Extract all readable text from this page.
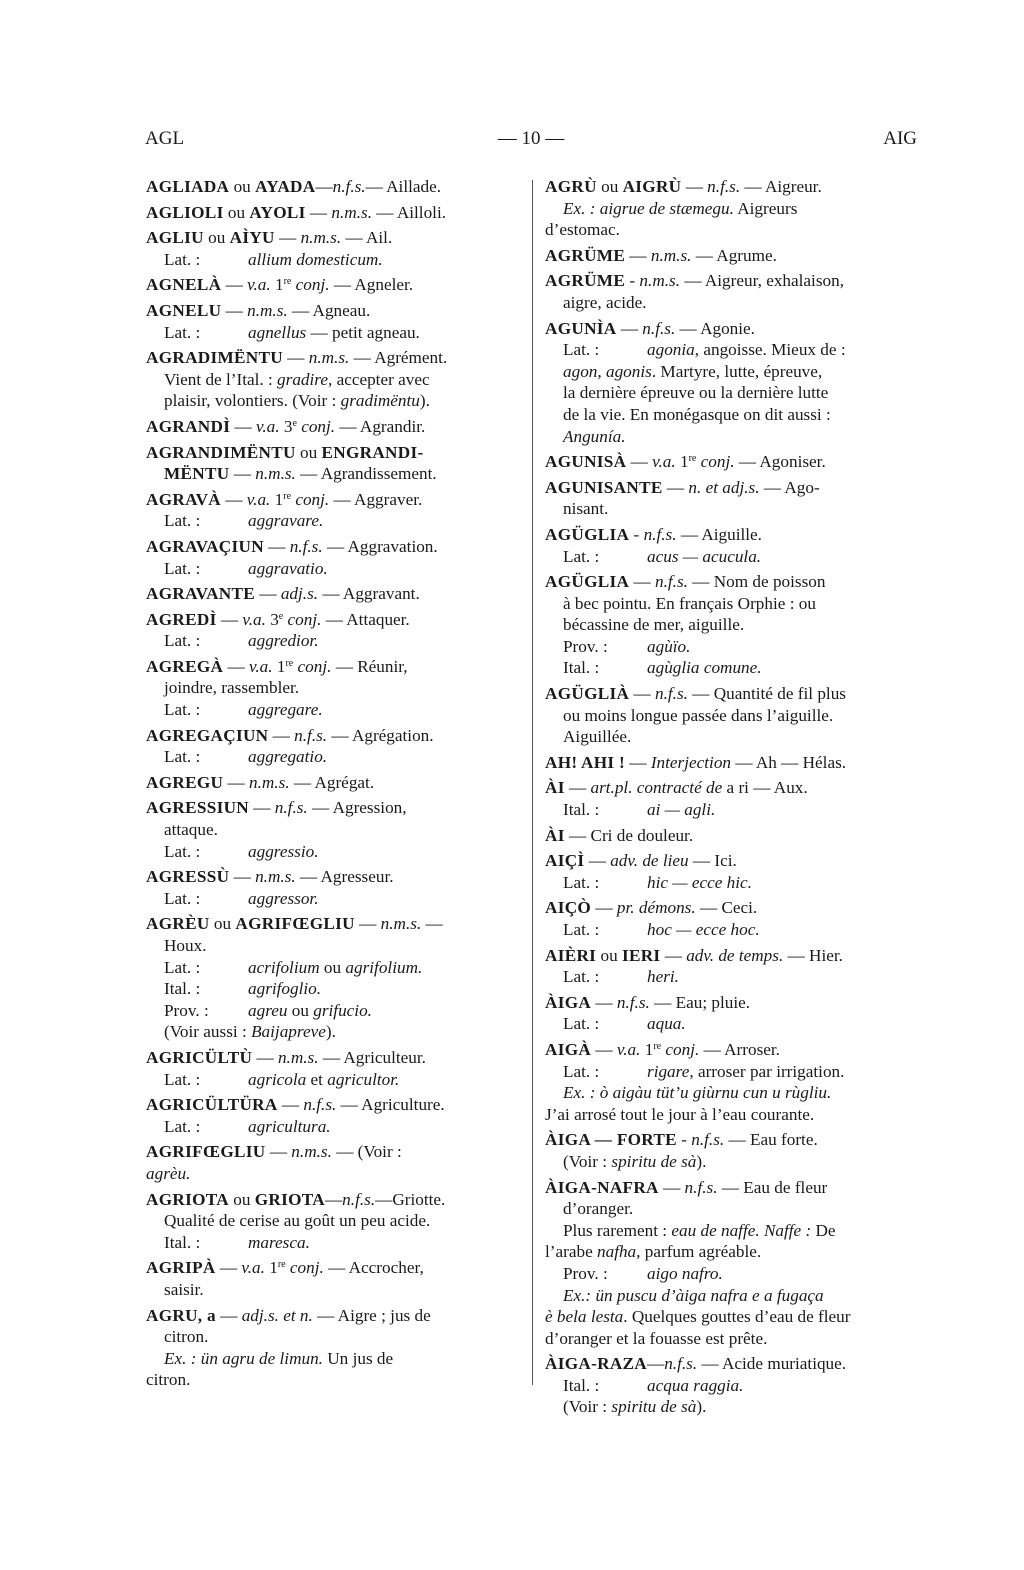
AGL	— 10 —	AIG
AGLIADA ou AYADA—n.f.s.— Aillade.
AGLIOLI ou AYOLI — n.m.s. — Ailloli.
AGLIU ou AÌYU — n.m.s. — Ail.
Lat. :	allium domesticum.
AGNELÀ — v.a. 1re conj. — Agneler.
AGNELU — n.m.s. — Agneau.
Lat. :	agnellus — petit agneau.
AGRADIMËNTU — n.m.s. — Agrément.
Vient de l’Ital. : gradire, accepter avec
plaisir, volontiers. (Voir : gradimëntu).
AGRANDÌ — v.a. 3e conj. — Agrandir.
AGRANDIMËNTU ou ENGRANDI-
MËNTU — n.m.s. — Agrandissement.
AGRAVÀ — v.a. 1re conj. — Aggraver.
Lat. :	aggravare.
AGRAVAÇIUN — n.f.s. — Aggravation.
Lat. :	aggravatio.
AGRAVANTE — adj.s. — Aggravant.
AGREDÌ — v.a. 3e conj. — Attaquer.
Lat. :	aggredior.
AGREGÀ — v.a. 1re conj. — Réunir,
joindre, rassembler.
Lat. :	aggregare.
AGREGAÇIUN — n.f.s. — Agrégation.
Lat. :	aggregatio.
AGREGU — n.m.s. — Agrégat.
AGRESSIUN — n.f.s. — Agression,
attaque.
Lat. :	aggressio.
AGRESSÙ — n.m.s. — Agresseur.
Lat. :	aggressor.
AGRÈU ou AGRIFŒGLIU — n.m.s. —
Houx.
Lat. :	acrifolium ou agrifolium.
Ital. :	agrifoglio.
Prov. : agreu ou grifucio.
(Voir aussi : Baijapreve).
AGRICÜLTÙ — n.m.s. — Agriculteur.
Lat. :	agricola et agricultor.
AGRICÜLTÜRA — n.f.s. — Agriculture.
Lat. :	agricultura.
AGRIFŒGLIU — n.m.s. — (Voir :
agrèu.
AGRIOTA ou GRIOTA—n.f.s.—Griotte.
Qualité de cerise au goût un peu acide.
Ital. :	maresca.
AGRIPÀ — v.a. 1re conj. — Accrocher,
saisir.
AGRU, a — adj.s. et n. — Aigre ; jus de
citron.
Ex. : ün agru de limun. Un jus de
citron.
AGRÙ ou AIGRÙ — n.f.s. — Aigreur.
Ex. : aigrue de stæmegu. Aigreurs
d’estomac.
AGRÜME — n.m.s. — Agrume.
AGRÜME - n.m.s. — Aigreur, exhalaison,
aigre, acide.
AGUNÌA — n.f.s. — Agonie.
Lat. :	agonia, angoisse. Mieux de :
agon, agonis. Martyre, lutte, épreuve,
la dernière épreuve ou la dernière lutte
de la vie. En monégasque on dit aussi :
Angunía.
AGUNISÀ — v.a. 1re conj. — Agoniser.
AGUNISANTE — n. et adj.s. — Ago-
nisant.
AGÜGLIA - n.f.s. — Aiguille.
Lat. :	acus — acucula.
AGÜGLIA — n.f.s. — Nom de poisson
à bec pointu. En français Orphie : ou
bécassine de mer, aiguille.
Prov. : agùïo.
Ital. :	agùglia comune.
AGÜGLIÀ — n.f.s. — Quantité de fil plus
ou moins longue passée dans l’aiguille.
Aiguillée.
AH! AHI ! — Interjection — Ah — Hélas.
ÀI — art.pl. contracté de a ri — Aux.
Ital. :	ai — agli.
ÀI — Cri de douleur.
AIÇÌ — adv. de lieu — Ici.
Lat. :	hic — ecce hic.
AIÇÒ — pr. démons. — Ceci.
Lat. :	hoc — ecce hoc.
AIÈRI ou IERI — adv. de temps. — Hier.
Lat. :	heri.
ÀIGA — n.f.s. — Eau; pluie.
Lat. :	aqua.
AIGÀ — v.a. 1re conj. — Arroser.
Lat. :	rigare, arroser par irrigation.
Ex. : ò aigàu tüt’u giùrnu cun u rùgliu.
J’ai arrosé tout le jour à l’eau courante.
ÀIGA — FORTE - n.f.s. — Eau forte.
(Voir : spiritu de sà).
ÀIGA-NAFRA — n.f.s. — Eau de fleur
d’oranger.
Plus rarement : eau de naffe. Naffe : De
l’arabe nafha, parfum agréable.
Prov. : aigo nafro.
Ex.: ün puscu d’àiga nafra e a fugaça
è bela lesta. Quelques gouttes d’eau de fleur
d’oranger et la fouasse est prête.
ÀIGA-RAZA—n.f.s. — Acide muriatique.
Ital. :	acqua raggia.
(Voir : spiritu de sà).
